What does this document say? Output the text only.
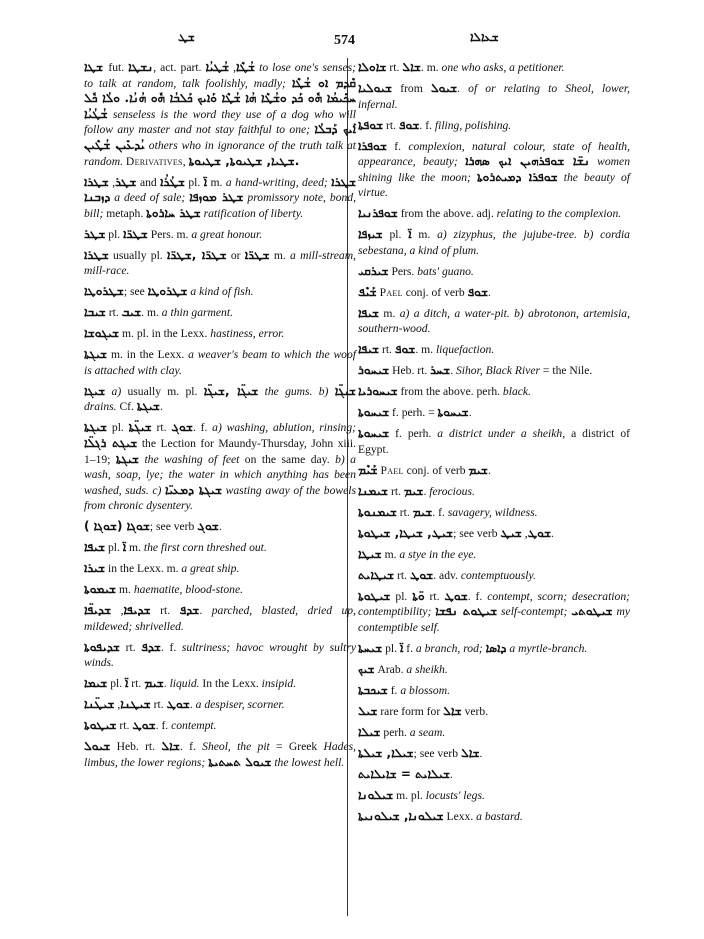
ܫܛ	574	ܫܥܐܠܐ

ܫܛܐ fut. ܢܫܛܐ, act. part.	ܫܳܛܶܐ, ܫܳܛܝܳܐ	to lose one's senses; to talk at random, talk foolishly, madly; ܩܶܕܡ ܐܘ ܫܳܛܶܐ ܚܟܺܝܡܳܐ ܗܽܘ ܟܰܕ ܘܫܳܛܶܐ ܗܳܐ ܫܳܛܶܐ ܘܰܐܝܟ ܟܰܠܒܳܐ ܗܽܘ ܗܳܢܳܐ. ܘܠܳܐ ܟܽܠ ܫܳܛܳܝܳܐ senseless is the word they use of a dog who will follow any master and not stay faithful to one; ܐܰܝܟ ܕܰܒܠܳܐ ܝܳܕܥܺܝܢ ܫܳܛܶܝܢ others who in ignorance of the truth talk at random. Derivatives, ܫܛܝܐ, ܫܛܝܘܬܐ, ܫܛܝܘܬܐ.

ܫܛܪ, ܫܛܪܐ and ܫܛܳܪܳܐ pl. ܐ̈ m. a hand-writing, deed; ܫܛܪܐ ܕܙܒܢܐ a deed of sale; ܫܛܪ ܡܘܙܦܐ promissory note, bond, bill; metaph. ܫܛܪ ܚܐܪܘܬܐ ratification of liberty.

ܫܛܪ pl. ܫܛܪ̈ܐ Pers. m. a great honour.

ܫܛܪܐ usually pl. ܫܛܪ̈ܐ ,ܫܛܪ̈ܐ or ܫܛܪ̈ܐ m. a mill-stream, mill-race.

ܫܛܪܘܛܐ; see ܫܛܪܘܛܐ a kind of fish.

ܫܝܒܐ rt. ܫܝܒ. m. a thin garment.

ܫܝܓܘܫܐ m. pl. in the Lexx. hastiness, error.

ܫܝܓܬܐ m. in the Lexx. a weaver's beam to which the woof is attached with clay.

ܫܝܓܐ a) usually m. pl. ܫܝܓ̈ܐ ,ܫܝܓ̈ܐ the gums. b) ܫܝܓ̈ܐ drains. Cf. ܫܝܓܬܐ.

ܫܝܓܬܐ pl. ܫܝܓ̈ܬܐ rt. ܫܘܓ. f. a) washing, ablution, rinsing; ܫܝܓܬ ܪܓܠ̈ܐ the Lection for Maundy-Thursday, John xiii. 1–19; ܫܝܓܬܐ the washing of feet on the same day. b) a wash, soap, lye; the water in which anything has been washed, suds. c) ܫܝܓܬܐ ܕܡܥܝ̈ܐ wasting away of the bowels from chronic dysentery.

ܫܘܓܐ (ܫܘܓܐ ); see verb ܫܘܓ.

ܫܝܦܐ pl. ܐ̈ m. the first corn threshed out.

ܫܝܪܐ in the Lexx. m. a great ship.

ܫܝܡܘܬܐ m. haematite, blood-stone.

ܫܕܝܦܐ, ܫܕܝܦ̈ܐ	rt. ܫܕܦ. parched, blasted, dried up, mildewed; shrivelled.

ܫܕܝܦܘܬܐ rt. ܫܕܦ. f. sultriness; havoc wrought by sultry winds.

ܫܝܡܐ pl. ܐ̈ rt. ܫܝܡ. liquid. In the Lexx. insipid.

ܫܝܛܢܐ, ܫܝܛ̈ܢܐ	rt. ܫܘܛ. a despiser, scorner.

ܫܝܛܘܬܐ rt. ܫܘܛ. f. contempt.

ܫܝܘܠ Heb. rt. ܫܐܠ. f. Sheol, the pit = Greek Hades, limbus, the lower regions; ܫܝܘܠ ܬܚܬܝܬܐ the lowest hell.

ܫܐܘܠܐ rt. ܫܐܠ. m. one who asks, a petitioner.

ܫܝܘܠܝܐ from ܫܝܘܠ. of or relating to Sheol, lower, infernal.

ܫܘܦܬܐ rt. ܫܘܦ. f. filing, polishing.

ܫܘܦܪܐ f. complexion, natural colour, state of health, appearance, beauty; ܢܫ̈ܐ ܫܘܦܪܗܝܢ ܐܝܟ ܣܗܪܐ women shining like the moon; ܫܘܦܪܐ ܕܡܝܬܪܘܬܐ the beauty of virtue.

ܫܘܦܪܢܝܐ from the above. adj. relating to the complexion.

ܫܝܙܦܐ pl. ܐ̈ m. a) zizyphus, the jujube-tree. b) cordia sebestana, a kind of plum.

ܫܝܪܩܝ Pers. bats' guano.

ܫܰܝܶܦ Pael conj. of verb ܫܘܦ.

ܫܝܦܐ m. a) a ditch, a water-pit. b) abrotonon, artemisia, southern-wood.

ܫܝܦܐ rt. ܫܘܦ. m. liquefaction.

ܫܝܚܘܪ Heb. rt. ܫܚܪ. Sihor, Black River = the Nile.

ܫܝܚܘܪܝܐ from the above. perh. black.

ܫܝܚܘܬܐ f. perh. = ܫܝܚܘܬܐ.

ܫܝܚܘܬܐ f. perh. a district under a sheikh, a district of Egypt.

ܫܰܝܶܡ Pael conj. of verb ܫܝܡ.

ܫܝܡܢܐ rt. ܫܝܡ. ferocious.

ܫܝܡܢܘܬܐ rt. ܫܝܡ. f. savagery, wildness.

ܫܝܛ, ܫܝܛܐ, ܫܝܛܘܬܐ; see verb ܫܘܛ, ܫܝܛ	.

ܫܝܛܐ m. a stye in the eye.

ܫܝܛܐܝܬ rt. ܫܘܛ. adv. contemptuously.

ܫܝܛܘܬܐ pl. ܘ̈ܬܐ rt. ܫܘܛ. f. contempt, scorn; desecration; contemptibility; ܫܝܛܘܬ ܢܦܫܐ self-contempt; ܫܝܛܘܬܝ my contemptible self.

ܫܝܚܬܐ pl. ܐ̈ f. a branch, rod; ܕܐܣܐ a myrtle-branch.

ܫܝܟ Arab. a sheikh.

ܫܝܟܒܬܐ f. a blossom.

ܫܝܠ rare form for ܫܐܠ verb.

ܫܝܠܐ perh. a seam.

ܫܝܠܐ, ܫܝܠܬܐ; see verb ܫܐܠ.

ܫܝܠܐܝܬ = ܫܐܝܠܐܝܬ.

ܫܝܠܘܢܐ m. pl. locusts' legs.

ܫܝܠܘܢܐ, ܫܝܠܘܢܝܬܐ Lexx. a bastard.
